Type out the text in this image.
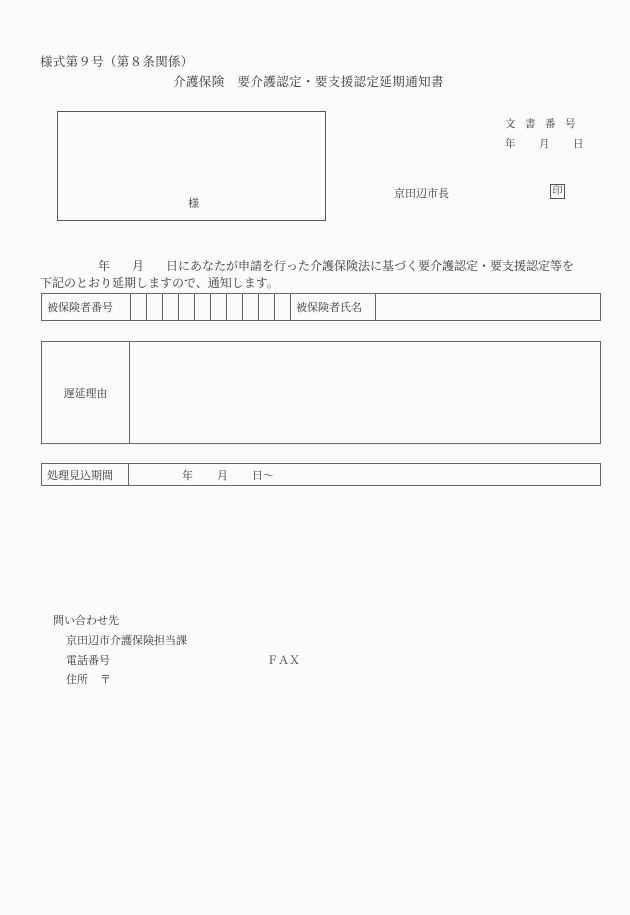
様式第９号（第８条関係）
介護保険　要介護認定・要支援認定延期通知書
様
文 書 番 号
年 月 日
京田辺市長	印
年 月 日にあなたが申請を行った介護保険法に基づく要介護認定・要支援認定等を
下記のとおり延期しますので、通知します。
被保険者番号											被保険者氏名	
遅延理由	
処理見込期間	年 月 日～
問い合わせ先
京田辺市介護保険担当課
電話番号	ＦＡＸ
住所 〒
